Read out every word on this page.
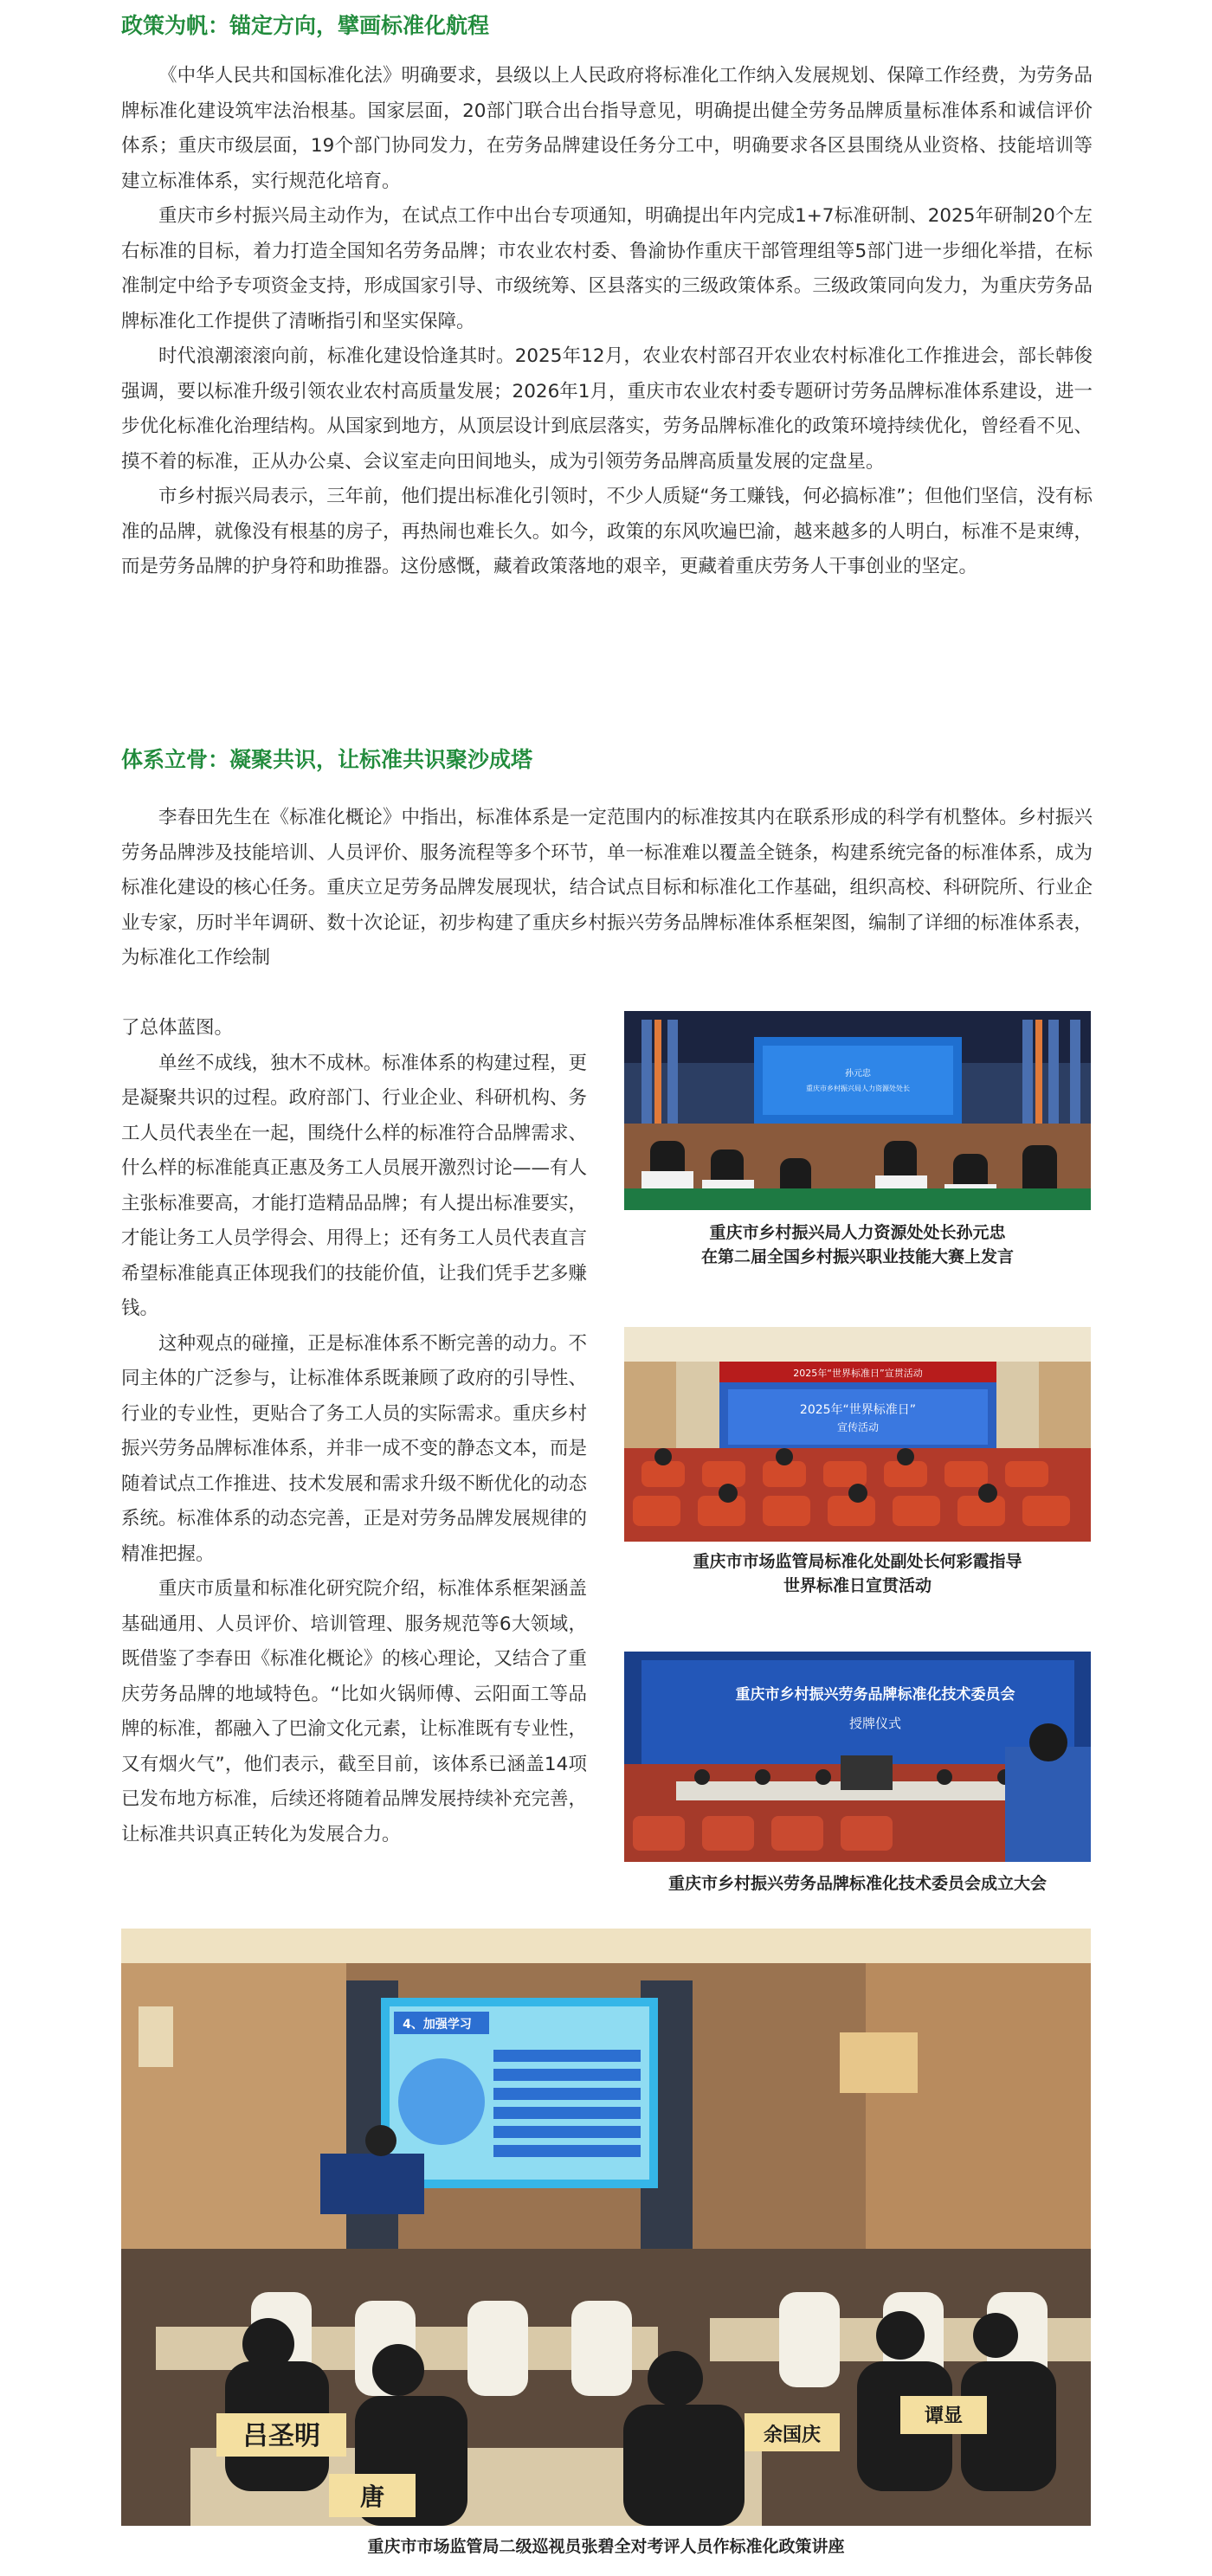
政策为帆：锚定方向，擘画标准化航程

《中华人民共和国标准化法》明确要求，县级以上人民政府将标准化工作纳入发展规划、保障工作经费，为劳务品牌标准化建设筑牢法治根基。国家层面，20部门联合出台指导意见，明确提出健全劳务品牌质量标准体系和诚信评价体系；重庆市级层面，19个部门协同发力，在劳务品牌建设任务分工中，明确要求各区县围绕从业资格、技能培训等建立标准体系，实行规范化培育。

重庆市乡村振兴局主动作为，在试点工作中出台专项通知，明确提出年内完成1+7标准研制、2025年研制20个左右标准的目标，着力打造全国知名劳务品牌；市农业农村委、鲁渝协作重庆干部管理组等5部门进一步细化举措，在标准制定中给予专项资金支持，形成国家引导、市级统筹、区县落实的三级政策体系。三级政策同向发力，为重庆劳务品牌标准化工作提供了清晰指引和坚实保障。

时代浪潮滚滚向前，标准化建设恰逢其时。2025年12月，农业农村部召开农业农村标准化工作推进会，部长韩俊强调，要以标准升级引领农业农村高质量发展；2026年1月，重庆市农业农村委专题研讨劳务品牌标准体系建设，进一步优化标准化治理结构。从国家到地方，从顶层设计到底层落实，劳务品牌标准化的政策环境持续优化，曾经看不见、摸不着的标准，正从办公桌、会议室走向田间地头，成为引领劳务品牌高质量发展的定盘星。

市乡村振兴局表示，三年前，他们提出标准化引领时，不少人质疑“务工赚钱，何必搞标准”；但他们坚信，没有标准的品牌，就像没有根基的房子，再热闹也难长久。如今，政策的东风吹遍巴渝，越来越多的人明白，标准不是束缚，而是劳务品牌的护身符和助推器。这份感慨，藏着政策落地的艰辛，更藏着重庆劳务人干事创业的坚定。

体系立骨：凝聚共识，让标准共识聚沙成塔

李春田先生在《标准化概论》中指出，标准体系是一定范围内的标准按其内在联系形成的科学有机整体。乡村振兴劳务品牌涉及技能培训、人员评价、服务流程等多个环节，单一标准难以覆盖全链条，构建系统完备的标准体系，成为标准化建设的核心任务。重庆立足劳务品牌发展现状，结合试点目标和标准化工作基础，组织高校、科研院所、行业企业专家，历时半年调研、数十次论证，初步构建了重庆乡村振兴劳务品牌标准体系框架图，编制了详细的标准体系表，为标准化工作绘制

了总体蓝图。

单丝不成线，独木不成林。标准体系的构建过程，更是凝聚共识的过程。政府部门、行业企业、科研机构、务工人员代表坐在一起，围绕什么样的标准符合品牌需求、什么样的标准能真正惠及务工人员展开激烈讨论——有人主张标准要高，才能打造精品品牌；有人提出标准要实，才能让务工人员学得会、用得上；还有务工人员代表直言希望标准能真正体现我们的技能价值，让我们凭手艺多赚钱。

这种观点的碰撞，正是标准体系不断完善的动力。不同主体的广泛参与，让标准体系既兼顾了政府的引导性、行业的专业性，更贴合了务工人员的实际需求。重庆乡村振兴劳务品牌标准体系，并非一成不变的静态文本，而是随着试点工作推进、技术发展和需求升级不断优化的动态系统。标准体系的动态完善，正是对劳务品牌发展规律的精准把握。

重庆市质量和标准化研究院介绍，标准体系框架涵盖基础通用、人员评价、培训管理、服务规范等6大领域，既借鉴了李春田《标准化概论》的核心理论，又结合了重庆劳务品牌的地域特色。“比如火锅师傅、云阳面工等品牌的标准，都融入了巴渝文化元素，让标准既有专业性，又有烟火气”，他们表示，截至目前，该体系已涵盖14项已发布地方标准，后续还将随着品牌发展持续补充完善，让标准共识真正转化为发展合力。

孙元忠
重庆市乡村振兴局人力资源处处长
重庆市乡村振兴局人力资源处处长孙元忠
在第二届全国乡村振兴职业技能大赛上发言
2025年“世界标准日”宣贯活动
2025年“世界标准日”
宣传活动
重庆市市场监管局标准化处副处长何彩霞指导
世界标准日宣贯活动
重庆市乡村振兴劳务品牌标准化技术委员会
授牌仪式
重庆市乡村振兴劳务品牌标准化技术委员会成立大会
4、加强学习
吕圣明
唐
余国庆
谭显
重庆市市场监管局二级巡视员张碧全对考评人员作标准化政策讲座
